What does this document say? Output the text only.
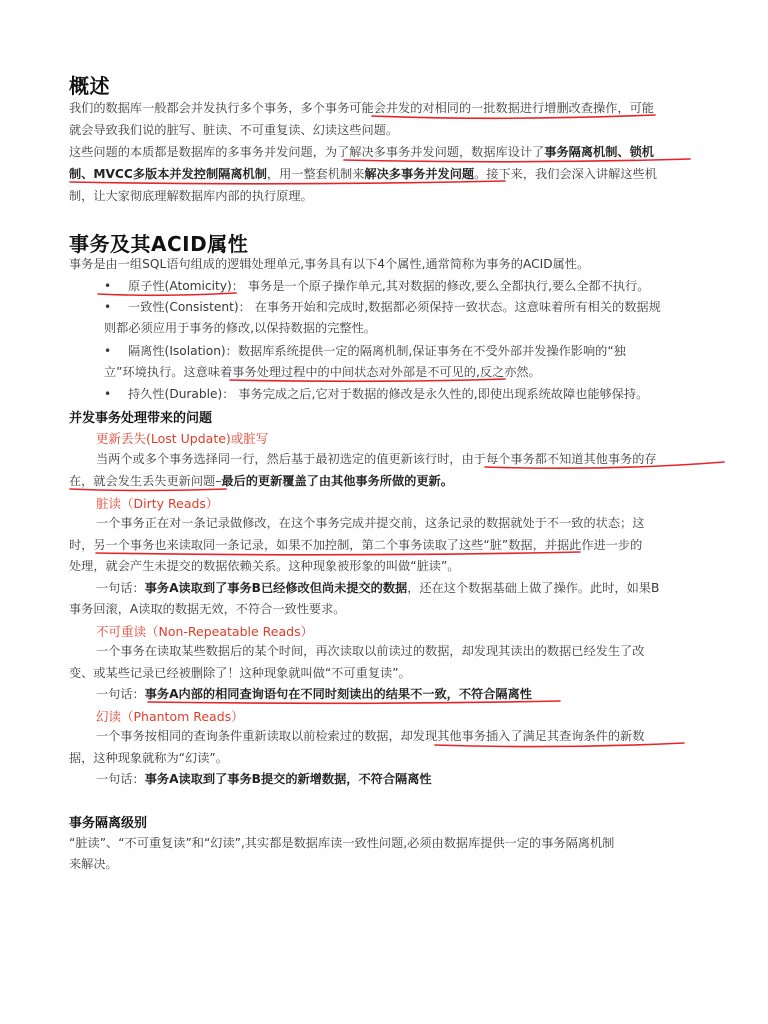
概述
我们的数据库一般都会并发执行多个事务，多个事务可能会并发的对相同的一批数据进行增删改查操作，可能
就会导致我们说的脏写、脏读、不可重复读、幻读这些问题。
这些问题的本质都是数据库的多事务并发问题，为了解决多事务并发问题，数据库设计了事务隔离机制、锁机
制、MVCC多版本并发控制隔离机制，用一整套机制来解决多事务并发问题。接下来，我们会深入讲解这些机
制，让大家彻底理解数据库内部的执行原理。
事务及其ACID属性
事务是由一组SQL语句组成的逻辑处理单元,事务具有以下4个属性,通常简称为事务的ACID属性。
• 原子性(Atomicity)： 事务是一个原子操作单元,其对数据的修改,要么全都执行,要么全都不执行。
• 一致性(Consistent)： 在事务开始和完成时,数据都必须保持一致状态。这意味着所有相关的数据规
则都必须应用于事务的修改,以保持数据的完整性。
• 隔离性(Isolation)：数据库系统提供一定的隔离机制,保证事务在不受外部并发操作影响的“独
立”环境执行。这意味着事务处理过程中的中间状态对外部是不可见的,反之亦然。
• 持久性(Durable)： 事务完成之后,它对于数据的修改是永久性的,即使出现系统故障也能够保持。
并发事务处理带来的问题
更新丢失(Lost Update)或脏写
当两个或多个事务选择同一行，然后基于最初选定的值更新该行时，由于每个事务都不知道其他事务的存
在，就会发生丢失更新问题–最后的更新覆盖了由其他事务所做的更新。
脏读（Dirty Reads）
一个事务正在对一条记录做修改，在这个事务完成并提交前，这条记录的数据就处于不一致的状态；这
时，另一个事务也来读取同一条记录，如果不加控制，第二个事务读取了这些“脏”数据，并据此作进一步的
处理，就会产生未提交的数据依赖关系。这种现象被形象的叫做“脏读”。
一句话：事务A读取到了事务B已经修改但尚未提交的数据，还在这个数据基础上做了操作。此时，如果B
事务回滚，A读取的数据无效，不符合一致性要求。
不可重读（Non-Repeatable Reads）
一个事务在读取某些数据后的某个时间，再次读取以前读过的数据，却发现其读出的数据已经发生了改
变、或某些记录已经被删除了！这种现象就叫做“不可重复读”。
一句话：事务A内部的相同查询语句在不同时刻读出的结果不一致，不符合隔离性
幻读（Phantom Reads）
一个事务按相同的查询条件重新读取以前检索过的数据，却发现其他事务插入了满足其查询条件的新数
据，这种现象就称为“幻读”。
一句话：事务A读取到了事务B提交的新增数据，不符合隔离性
事务隔离级别
“脏读”、“不可重复读”和“幻读”,其实都是数据库读一致性问题,必须由数据库提供一定的事务隔离机制
来解决。
